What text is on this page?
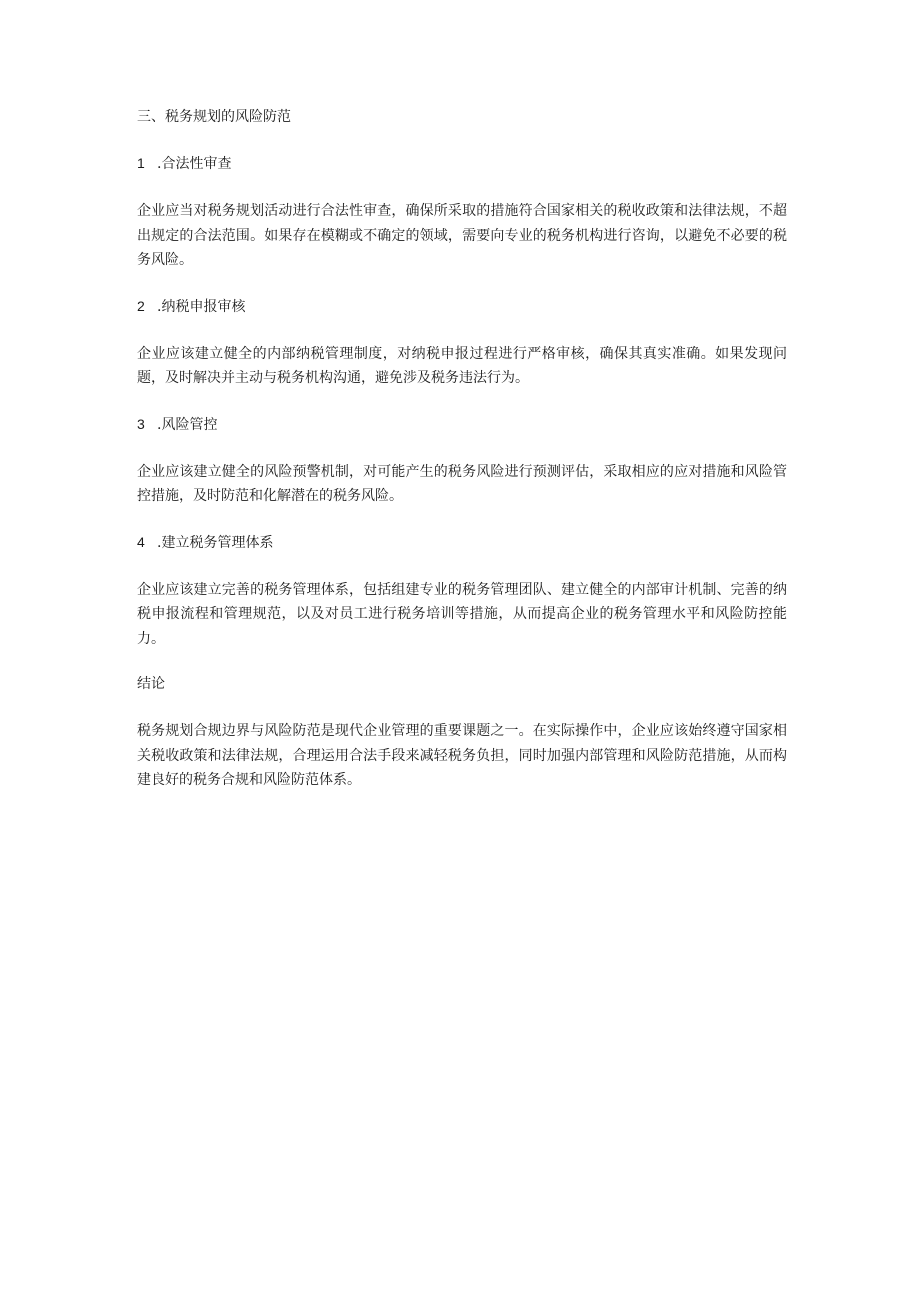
三、税务规划的风险防范
1 .合法性审查

企业应当对税务规划活动进行合法性审查，确保所采取的措施符合国家相关的税收政策和法律法规，不超出规定的合法范围。如果存在模糊或不确定的领域，需要向专业的税务机构进行咨询，以避免不必要的税务风险。

2 .纳税申报审核

企业应该建立健全的内部纳税管理制度，对纳税申报过程进行严格审核，确保其真实准确。如果发现问题，及时解决并主动与税务机构沟通，避免涉及税务违法行为。

3 .风险管控

企业应该建立健全的风险预警机制，对可能产生的税务风险进行预测评估，采取相应的应对措施和风险管控措施，及时防范和化解潜在的税务风险。

4 .建立税务管理体系

企业应该建立完善的税务管理体系，包括组建专业的税务管理团队、建立健全的内部审计机制、完善的纳税申报流程和管理规范，以及对员工进行税务培训等措施，从而提高企业的税务管理水平和风险防控能力。

结论

税务规划合规边界与风险防范是现代企业管理的重要课题之一。在实际操作中，企业应该始终遵守国家相关税收政策和法律法规，合理运用合法手段来减轻税务负担，同时加强内部管理和风险防范措施，从而构建良好的税务合规和风险防范体系。
